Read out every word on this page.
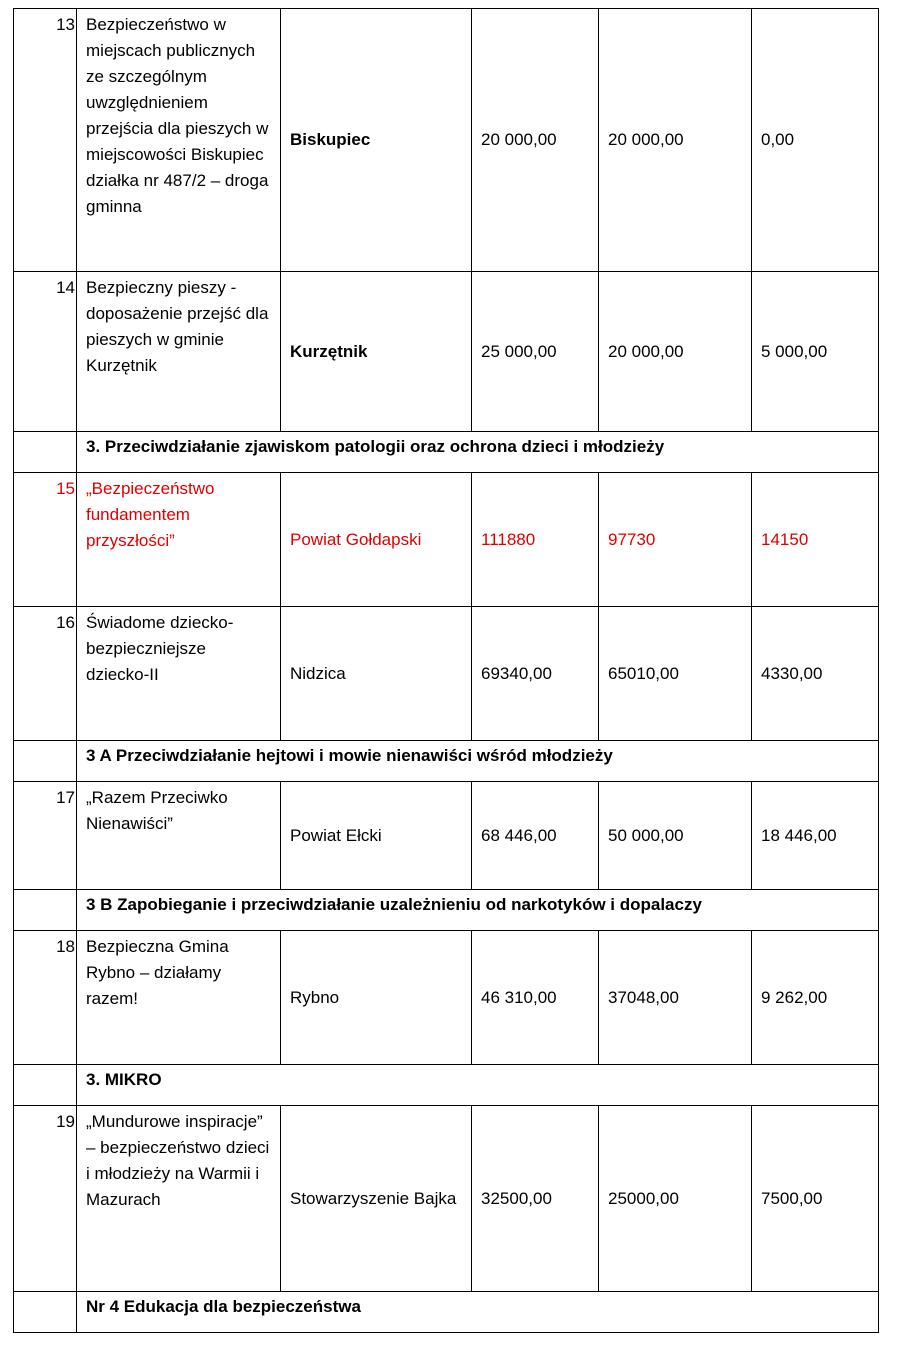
13	Bezpieczeństwo w miejscach publicznych ze szczególnym uwzględnieniem przejścia dla pieszych w miejscowości Biskupiec działka nr 487/2 – droga gminna	Biskupiec	20 000,00	20 000,00	0,00
14	Bezpieczny pieszy - doposażenie przejść dla pieszych w gminie Kurzętnik	Kurzętnik	25 000,00	20 000,00	5 000,00
	3. Przeciwdziałanie zjawiskom patologii oraz ochrona dzieci i młodzieży				
15	„Bezpieczeństwo fundamentem przyszłości”	Powiat Gołdapski	111880	97730	14150
16	Świadome dziecko- bezpieczniejsze dziecko-II	Nidzica	69340,00	65010,00	4330,00
	3 A Przeciwdziałanie hejtowi i mowie nienawiści wśród młodzieży				
17	„Razem Przeciwko Nienawiści”	Powiat Ełcki	68 446,00	50 000,00	18 446,00
	3 B Zapobieganie i przeciwdziałanie uzależnieniu od narkotyków i dopalaczy				
18	Bezpieczna Gmina Rybno – działamy razem!	Rybno	46 310,00	37048,00	9 262,00
	3. MIKRO				
19	„Mundurowe inspiracje” – bezpieczeństwo dzieci i młodzieży na Warmii i Mazurach	Stowarzyszenie Bajka	32500,00	25000,00	7500,00
	Nr 4 Edukacja dla bezpieczeństwa				
